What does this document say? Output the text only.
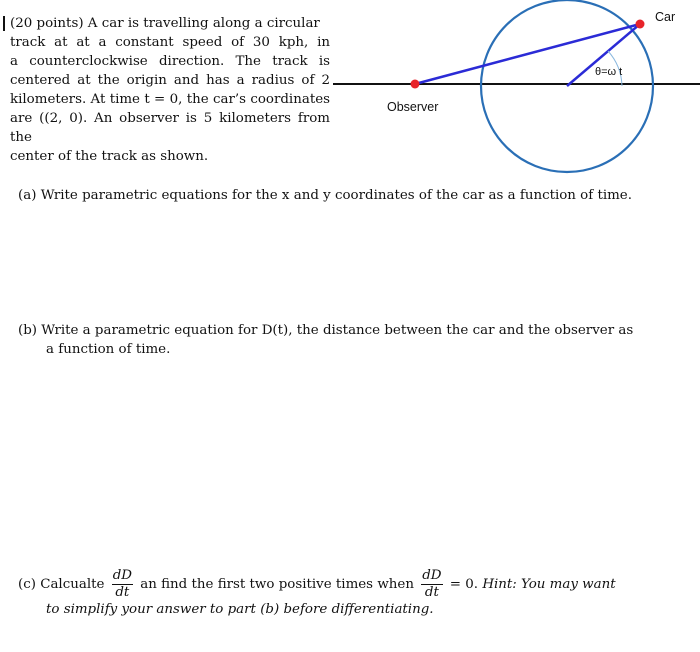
(20 points) A car is travelling along a circular
track at at a constant speed of 30 kph, in
a counterclockwise direction. The track is
centered at the origin and has a radius of 2
kilometers. At time t = 0, the car’s coordinates
are ((2, 0). An observer is 5 kilometers from the
center of the track as shown.
Car
Observer
θ=ω t
(a) Write parametric equations for the x and y coordinates of the car as a function of time.
(b) Write a parametric equation for D(t), the distance between the car and the observer as
a function of time.
(c) Calcualte $\frac{dD}{dt}$ an find the first two positive times when $\frac{dD}{dt} = 0$. Hint: You may want
to simplify your answer to part (b) before differentiating.
